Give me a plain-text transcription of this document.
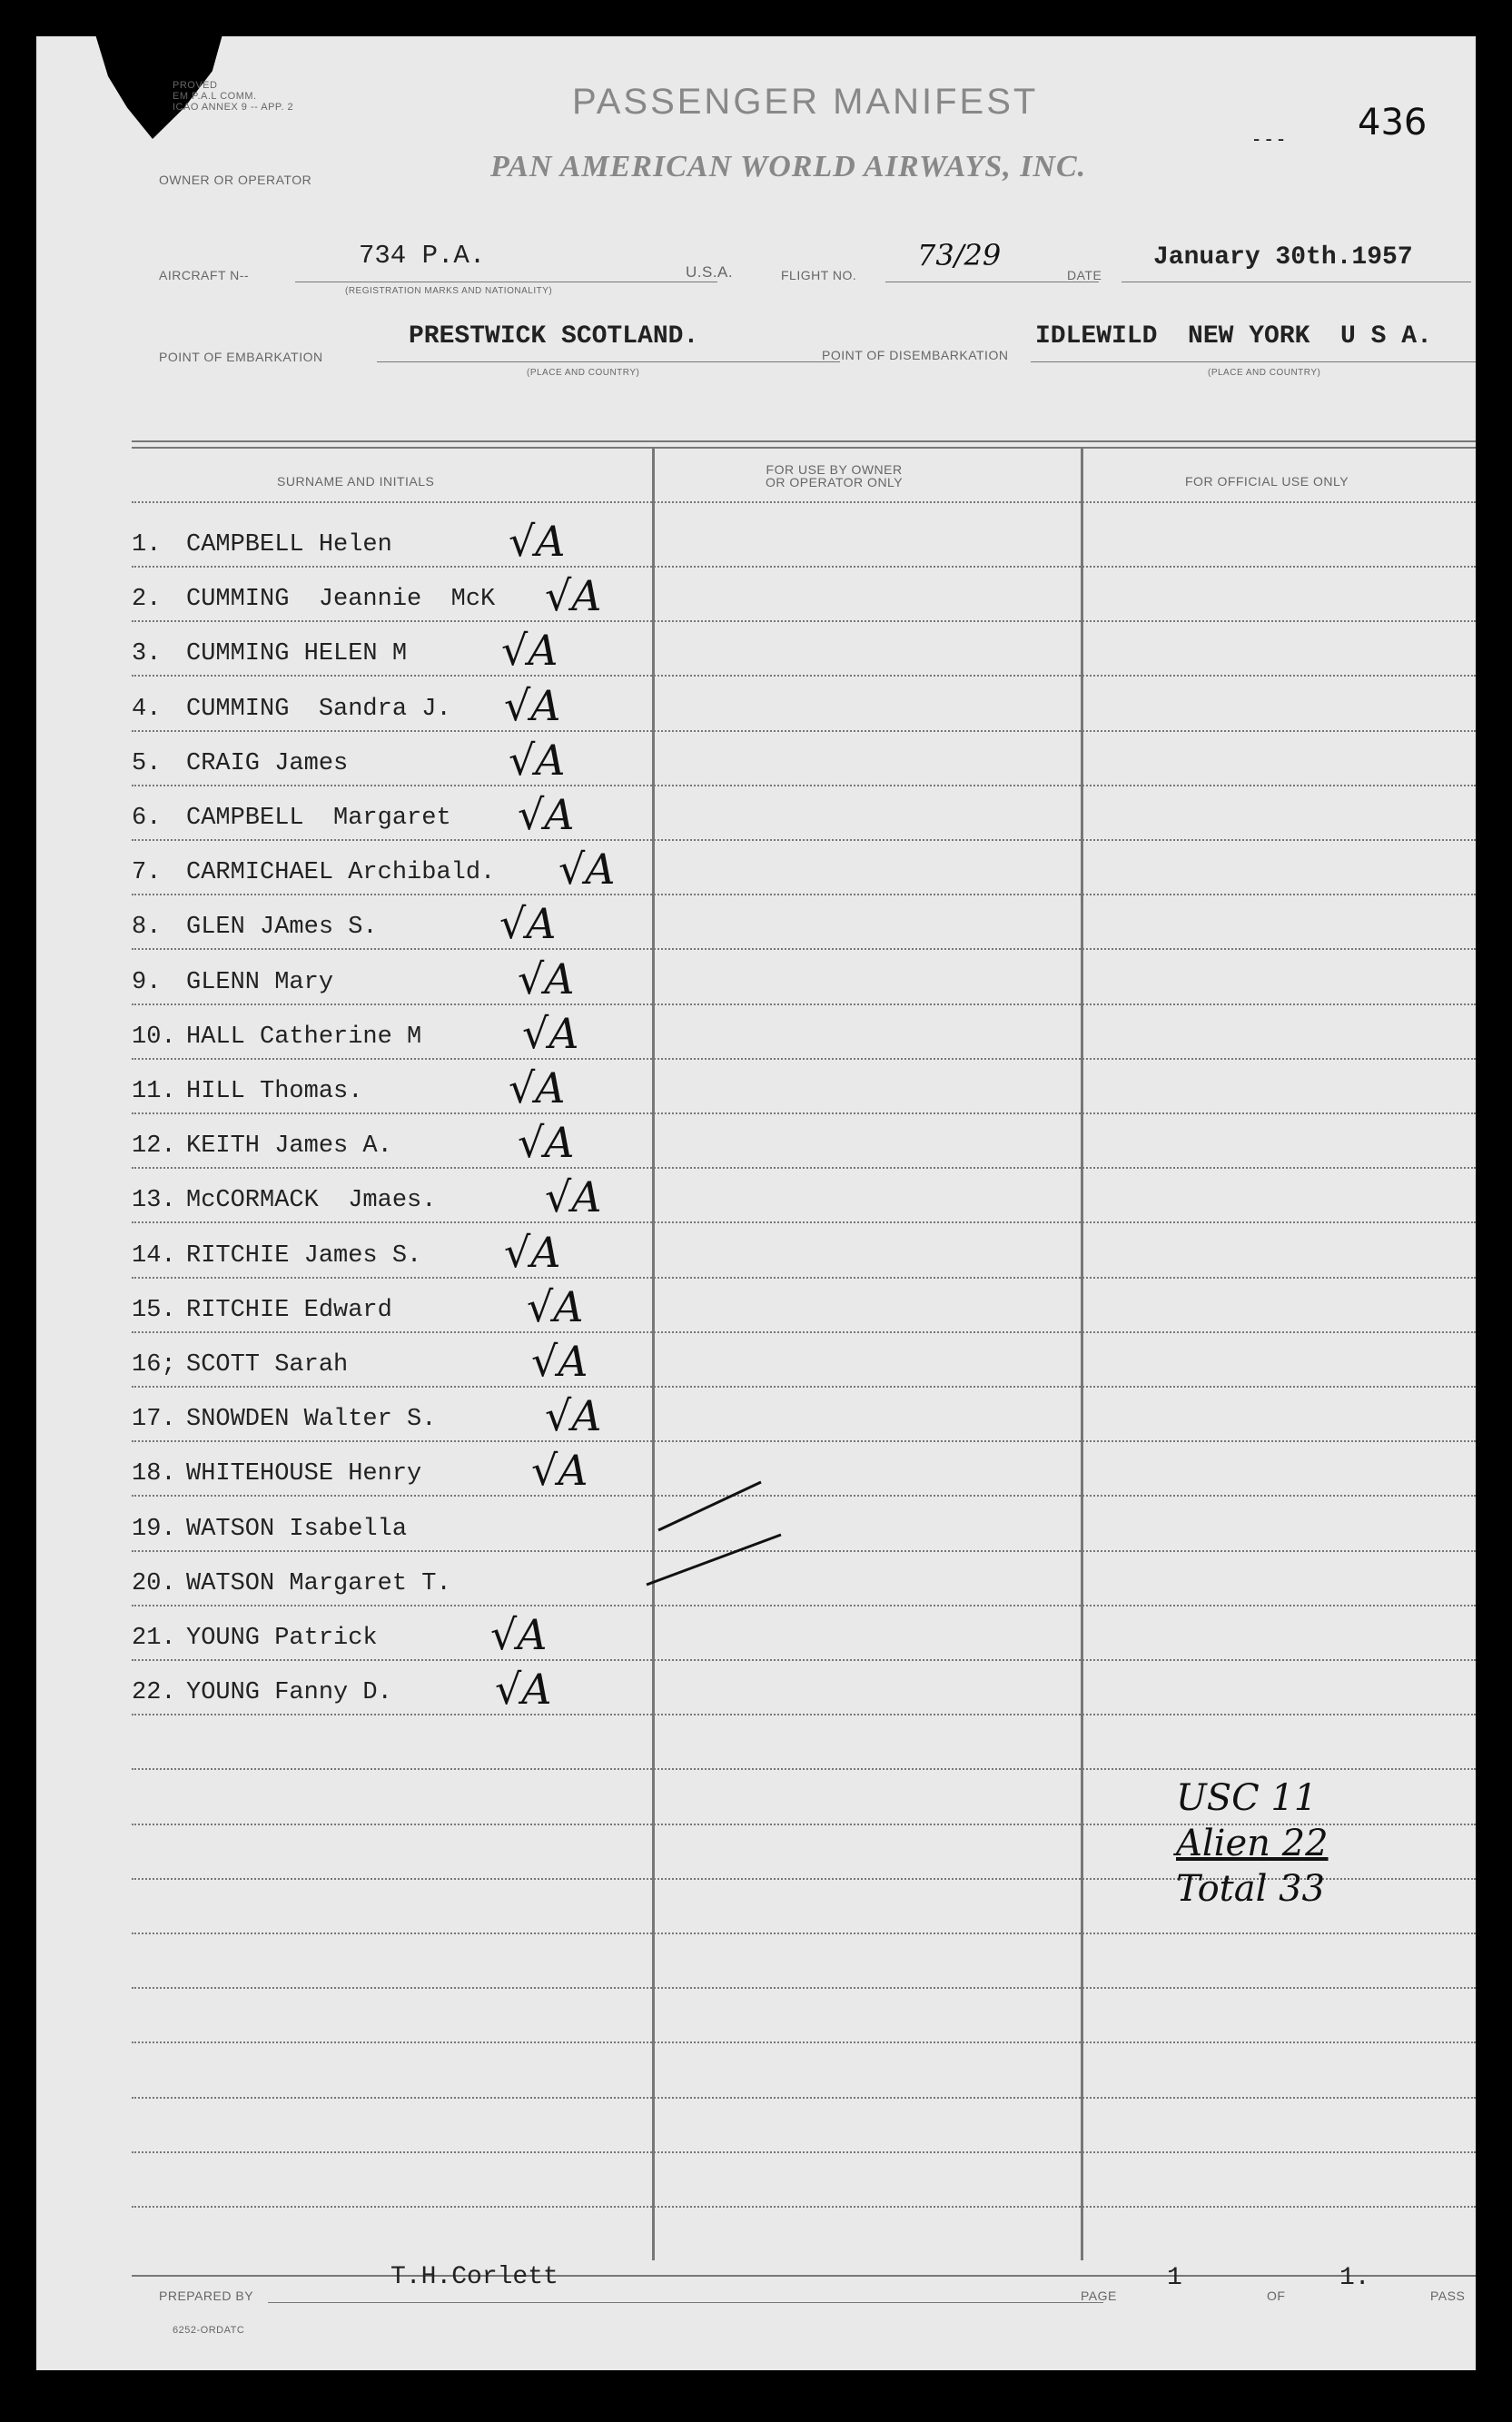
PROVED
EM P.A.L COMM.
ICAO ANNEX 9 -- APP. 2	PASSENGER MANIFEST
PAN AMERICAN WORLD AIRWAYS, INC.
- - - 436
OWNER OR OPERATOR
AIRCRAFT N--
734 P.A.
(REGISTRATION MARKS AND NATIONALITY)
U.S.A.	FLIGHT NO.
73/29
DATE
January 30th.1957
POINT OF EMBARKATION
PRESTWICK SCOTLAND.
(PLACE AND COUNTRY)
POINT OF DISEMBARKATION
IDLEWILD  NEW YORK  U S A.
(PLACE AND COUNTRY)
SURNAME AND INITIALS
FOR USE BY OWNER
OR OPERATOR ONLY	FOR OFFICIAL USE ONLY
1.	CAMPBELL Helen	√A
2.	CUMMING  Jeannie  McK √A
3.	CUMMING HELEN M √A
4.	CUMMING  Sandra J. √A
5.	CRAIG James	√A
6.	CAMPBELL  Margaret √A
7.	CARMICHAEL Archibald. √A
8.	GLEN JAmes S.	√A
9.	GLENN Mary	√A
10. HALL Catherine M √A
11. HILL Thomas.	√A
12. KEITH James A.	√A
13. McCORMACK  Jmaes.	√A
14. RITCHIE James S. √A
15. RITCHIE Edward	√A
16; SCOTT Sarah	√A
17. SNOWDEN Walter S.	√A
18. WHITEHOUSE Henry	√A
19. WATSON Isabella
20. WATSON Margaret T.
21. YOUNG Patrick	√A
22. YOUNG Fanny D. √A
USC 11
Alien 22
Total 33
PREPARED BY
T.H.Corlett
PAGE
1
OF
1.
PASS
6252-ORDATC
